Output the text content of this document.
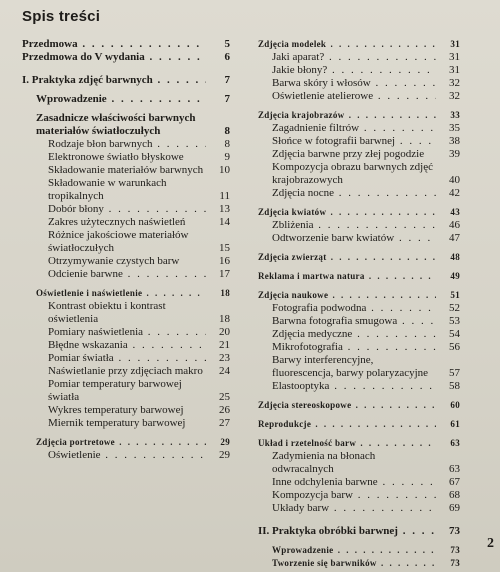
Spis treści
Przedmowa . . .	5
Przedmowa do V wydania . . .	6
I. Praktyka zdjęć barwnych . . .	7
Wprowadzenie . . .	7
Zasadnicze właściwości barwnych materiałów światłoczułych	8
Rodzaje błon barwnych . . .	8
Elektronowe światło błyskowe	9
Składowanie materiałów barwnych	10
Składowanie w warunkach tropikalnych	11
Dobór błony . . .	13
Zakres użytecznych naświetleń	14
Różnice jakościowe materiałów światłoczułych	15
Otrzymywanie czystych barw	16
Odcienie barwne . . .	17
Oświetlenie i naświetlenie . . .	18
Kontrast obiektu i kontrast oświetlenia	18
Pomiary naświetlenia . . .	20
Błędne wskazania . . .	21
Pomiar światła . . .	23
Naświetlanie przy zdjęciach makro	24
Pomiar temperatury barwowej światła	25
Wykres temperatury barwowej	26
Miernik temperatury barwowej	27
Zdjęcia portretowe . . .	29
Oświetlenie . . .	29
Zdjęcia modelek . . .	31
Jaki aparat? . . .	31
Jakie błony? . . .	31
Barwa skóry i włosów . . .	32
Oświetlenie atelierowe . . .	32
Zdjęcia krajobrazów . . .	33
Zagadnienie filtrów . . .	35
Słońce w fotografii barwnej . . .	38
Zdjęcia barwne przy złej pogodzie	39
Kompozycja obrazu barwnych zdjęć krajobrazowych	40
Zdjęcia nocne . . .	42
Zdjęcia kwiatów . . .	43
Zbliżenia . . .	46
Odtworzenie barw kwiatów . . .	47
Zdjęcia zwierząt . . .	48
Reklama i martwa natura . . .	49
Zdjęcia naukowe . . .	51
Fotografia podwodna . . .	52
Barwna fotografia smugowa . . .	53
Zdjęcia medyczne . . .	54
Mikrofotografia . . .	56
Barwy interferencyjne, fluorescencja, barwy polaryzacyjne	57
Elastooptyka . . .	58
Zdjęcia stereoskopowe . . .	60
Reprodukcje . . .	61
Układ i rzetelność barw . . .	63
Zadymienia na błonach odwracalnych	63
Inne odchylenia barwne . . .	67
Kompozycja barw . . .	68
Układy barw . . .	69
II. Praktyka obróbki barwnej . . .	73
Wprowadzenie . . .	73
Tworzenie się barwników . . .	73
2
